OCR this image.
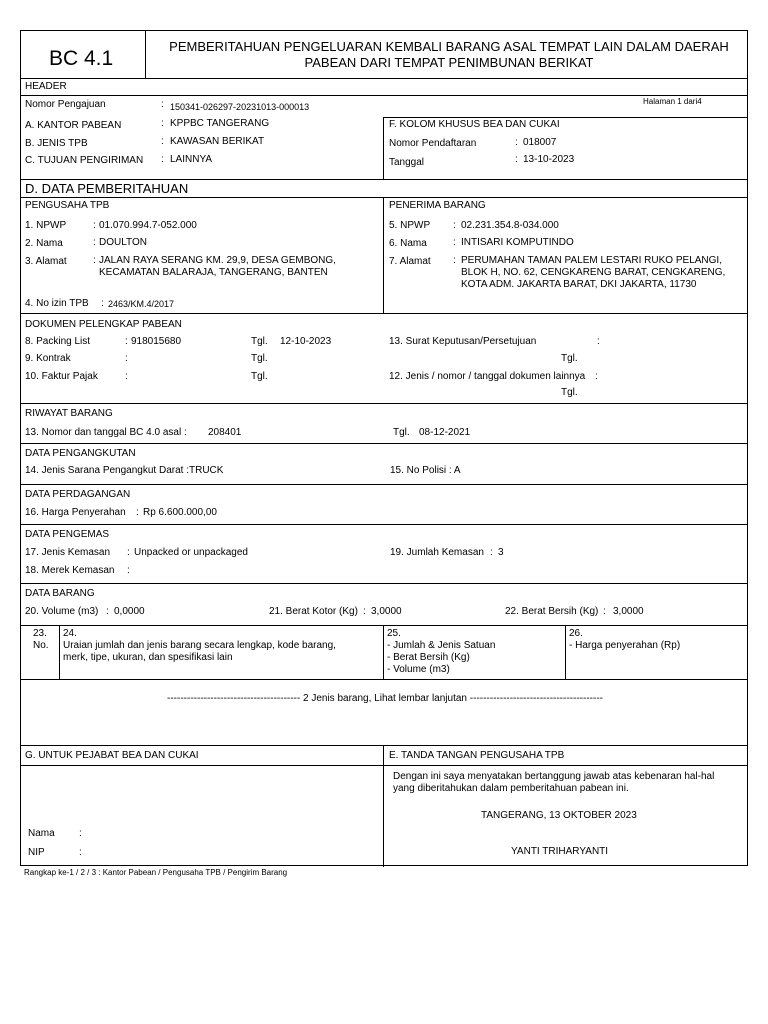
BC 4.1
PEMBERITAHUAN PENGELUARAN KEMBALI BARANG ASAL TEMPAT LAIN DALAM DAERAH
PABEAN DARI TEMPAT PENIMBUNAN BERIKAT
HEADER
Nomor Pengajuan	: 150341-026297-20231013-000013
Halaman 1 dari4
A. KANTOR PABEAN	: KPPBC TANGERANG
B. JENIS TPB	: KAWASAN BERIKAT
C. TUJUAN PENGIRIMAN : LAINNYA
F. KOLOM KHUSUS BEA DAN CUKAI
Nomor Pendaftaran	: 018007
Tanggal	: 13-10-2023
D. DATA PEMBERITAHUAN
PENGUSAHA TPB	PENERIMA BARANG
1. NPWP	: 01.070.994.7-052.000
2. Nama	: DOULTON
3. Alamat	: JALAN RAYA SERANG KM. 29,9, DESA GEMBONG,
KECAMATAN BALARAJA, TANGERANG, BANTEN
4. No izin TPB : 2463/KM.4/2017
5. NPWP : 02.231.354.8-034.000
6. Nama	: INTISARI KOMPUTINDO
7. Alamat : PERUMAHAN TAMAN PALEM LESTARI RUKO PELANGI,
BLOK H, NO. 62, CENGKARENG BARAT, CENGKARENG,
KOTA ADM. JAKARTA BARAT, DKI JAKARTA, 11730
DOKUMEN PELENGKAP PABEAN
8. Packing List	: 918015680	Tgl. 12-10-2023
9. Kontrak	:	Tgl.
10. Faktur Pajak	:	Tgl.
13. Surat Keputusan/Persetujuan	:
Tgl.
12. Jenis / nomor / tanggal dokumen lainnya :
Tgl.
RIWAYAT BARANG
13. Nomor dan tanggal BC 4.0 asal : 208401	Tgl. 08-12-2021
DATA PENGANGKUTAN
14. Jenis Sarana Pengangkut Darat :TRUCK	15. No Polisi : A
DATA PERDAGANGAN
16. Harga Penyerahan : Rp 6.600.000,00
DATA PENGEMAS
17. Jenis Kemasan : Unpacked or unpackaged
18. Merek Kemasan :
19. Jumlah Kemasan : 3
DATA BARANG
20. Volume (m3) : 0,0000	21. Berat Kotor (Kg) : 3,0000	22. Berat Bersih (Kg) : 3,0000
23.
No.
24.
Uraian jumlah dan jenis barang secara lengkap, kode barang,
merk, tipe, ukuran, dan spesifikasi lain
25.
- Jumlah & Jenis Satuan
- Berat Bersih (Kg)
- Volume (m3)
26.
- Harga penyerahan (Rp)
---------------------------------------- 2 Jenis barang, Lihat lembar lanjutan ----------------------------------------
G. UNTUK PEJABAT BEA DAN CUKAI	E. TANDA TANGAN PENGUSAHA TPB
Nama :
NIP	:
Dengan ini saya menyatakan bertanggung jawab atas kebenaran hal-hal
yang diberitahukan dalam pemberitahuan pabean ini.
TANGERANG, 13 OKTOBER 2023
YANTI TRIHARYANTI
Rangkap ke-1 / 2 / 3 : Kantor Pabean / Pengusaha TPB / Pengirim Barang
